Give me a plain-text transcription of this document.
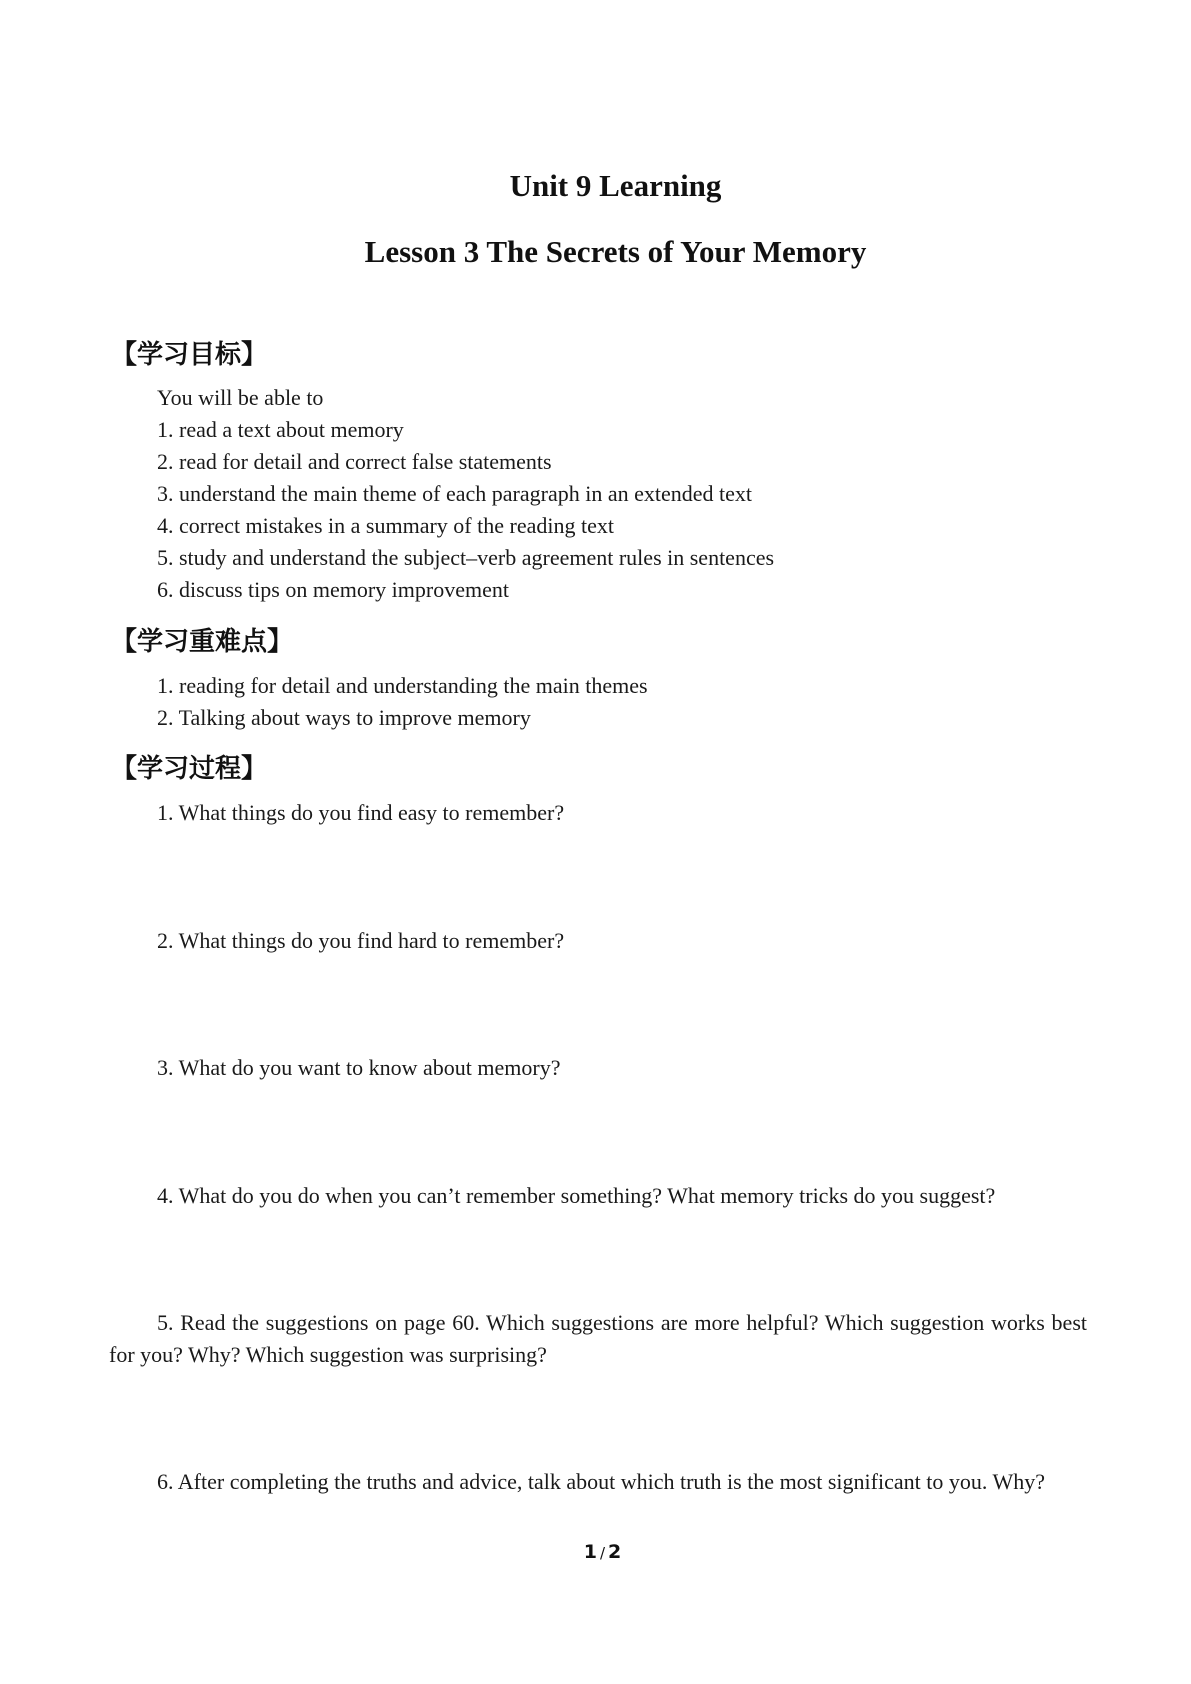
Unit 9 Learning
Lesson 3 The Secrets of Your Memory
【学习目标】
You will be able to
1. read a text about memory
2. read for detail and correct false statements
3. understand the main theme of each paragraph in an extended text
4. correct mistakes in a summary of the reading text
5. study and understand the subject–verb agreement rules in sentences
6. discuss tips on memory improvement
【学习重难点】
1. reading for detail and understanding the main themes
2. Talking about ways to improve memory
【学习过程】
1. What things do you find easy to remember?
2. What things do you find hard to remember?
3. What do you want to know about memory?
4. What do you do when you can’t remember something? What memory tricks do you suggest?

5. Read the suggestions on page 60. Which suggestions are more helpful? Which suggestion works best for you? Why? Which suggestion was surprising?

6. After completing the truths and advice, talk about which truth is the most significant to you. Why?

1 / 2
